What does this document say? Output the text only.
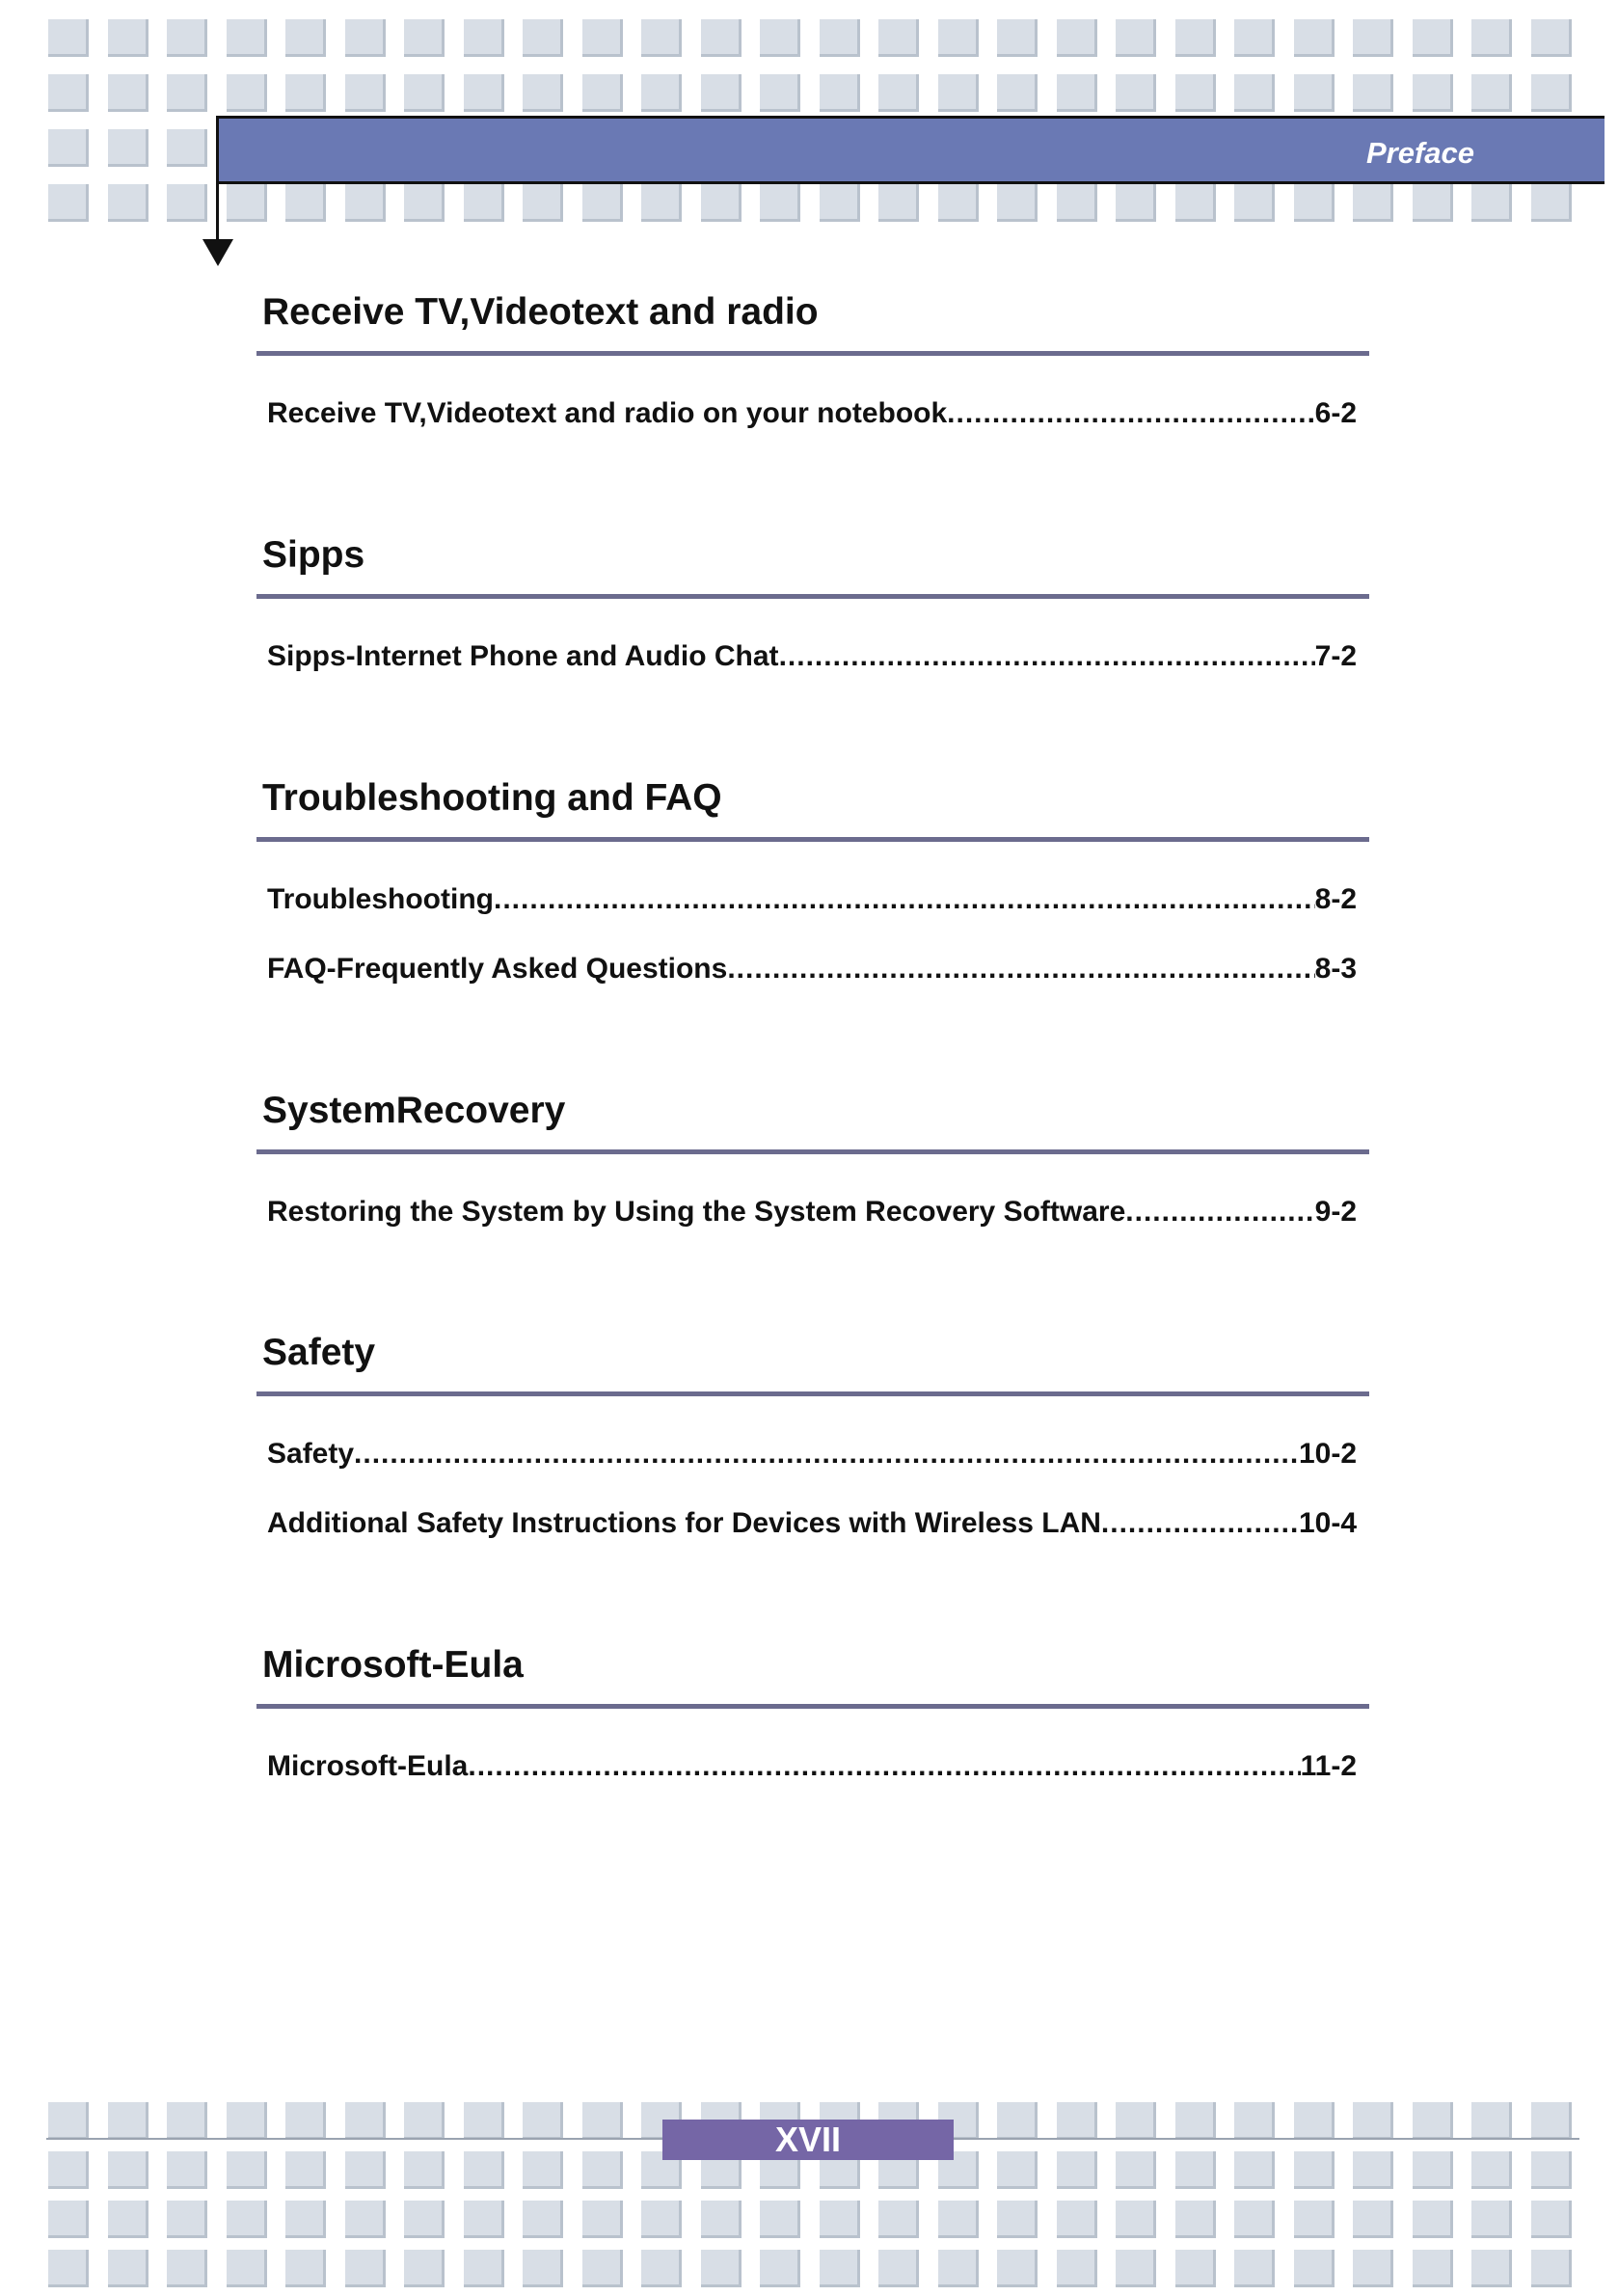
Preface
Receive TV,Videotext and radio
Receive TV,Videotext and radio on your notebook .....	6-2
Sipps
Sipps-Internet Phone and Audio Chat .....	7-2
Troubleshooting and FAQ
Troubleshooting .....	8-2
FAQ-Frequently Asked Questions .....	8-3
SystemRecovery
Restoring the System by Using the System Recovery Software .....	9-2
Safety
Safety .....	10-2
Additional Safety Instructions for Devices with Wireless LAN .....	10-4
Microsoft-Eula
Microsoft-Eula .....	11-2
XVII
